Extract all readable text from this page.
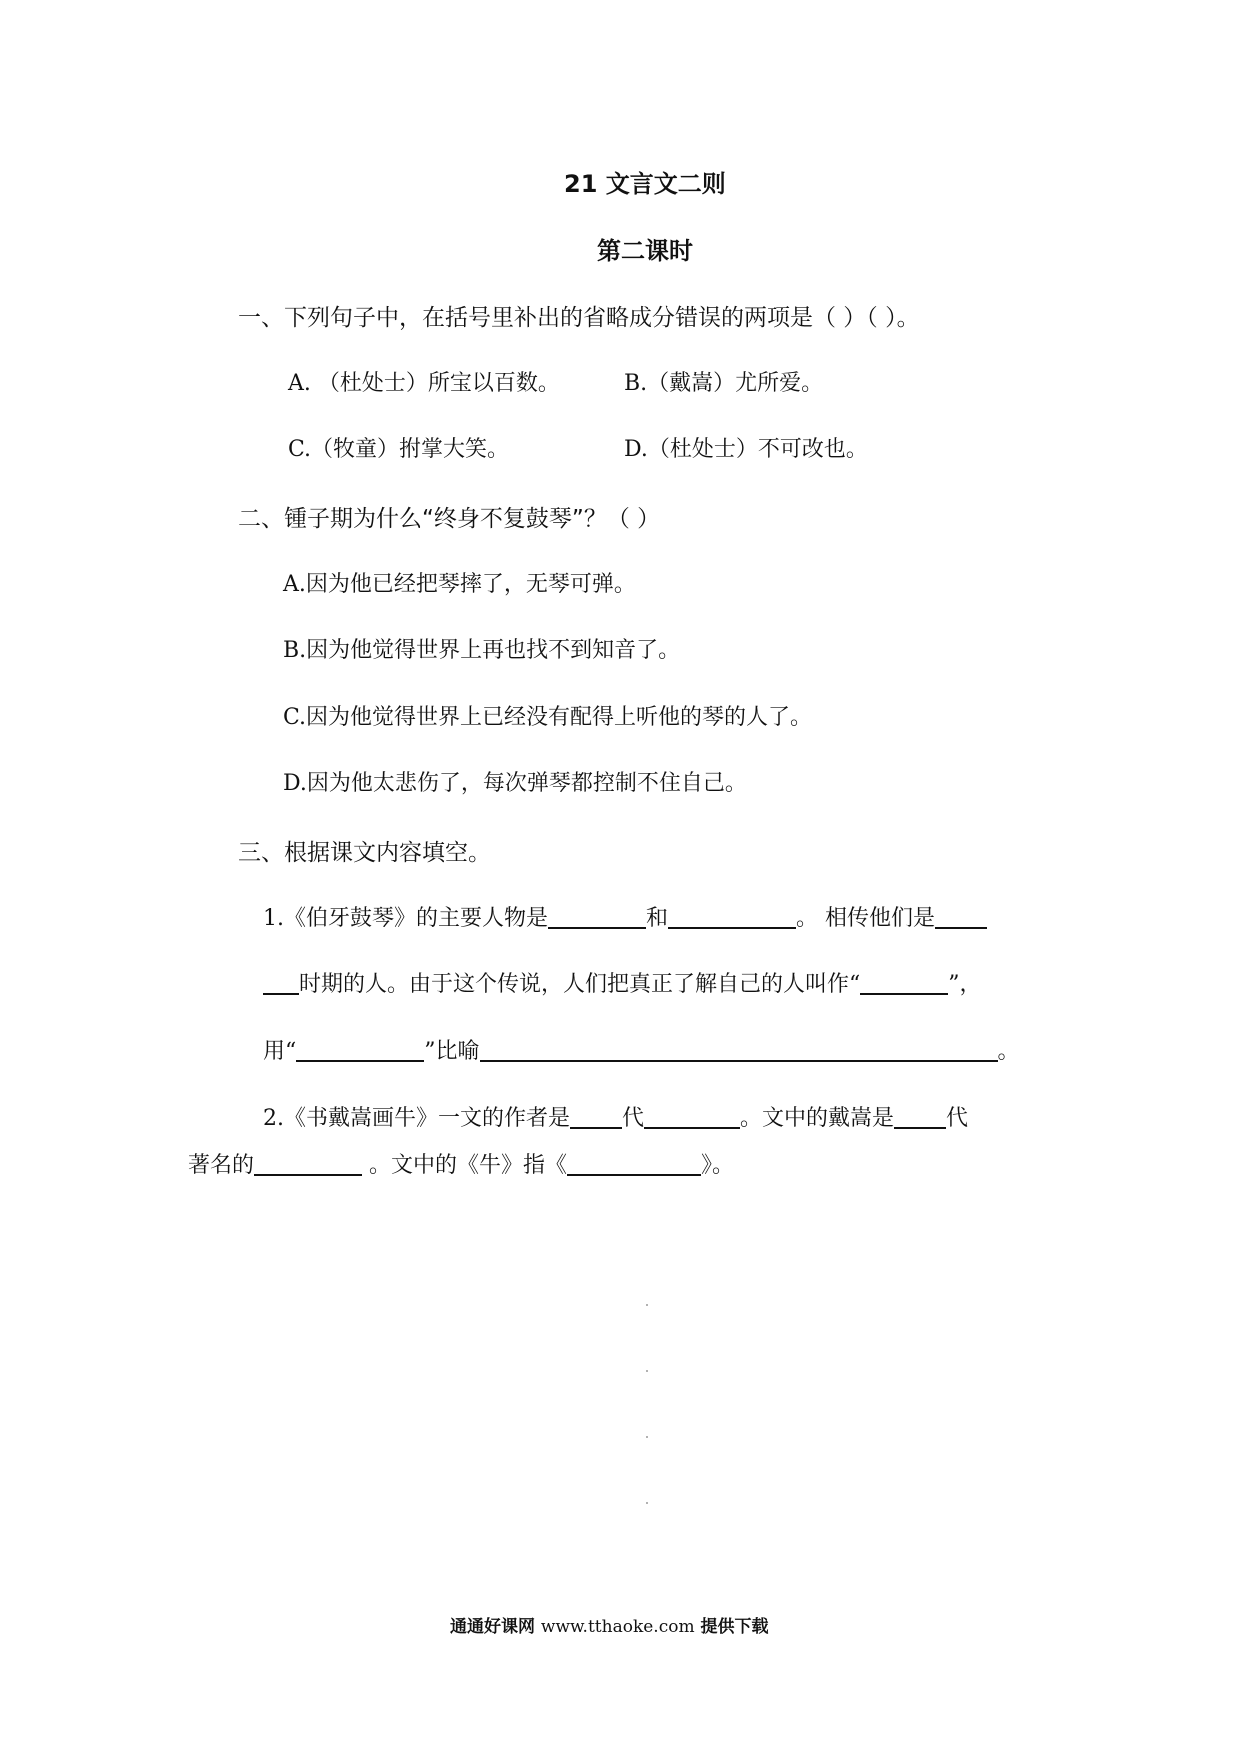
21 文言文二则
第二课时
一、下列句子中，在括号里补出的省略成分错误的两项是（ ）（ ）。
A. （杜处士）所宝以百数。	B.（戴嵩）尤所爱。
C.（牧童）拊掌大笑。	D.（杜处士）不可改也。
二、锺子期为什么“终身不复鼓琴”？（ ）
A.因为他已经把琴摔了，无琴可弹。
B.因为他觉得世界上再也找不到知音了。
C.因为他觉得世界上已经没有配得上听他的琴的人了。
D.因为他太悲伤了，每次弹琴都控制不住自己。
三、根据课文内容填空。
1.《伯牙鼓琴》的主要人物是	和	。 相传他们是
时期的人。由于这个传说，人们把真正了解自己的人叫作“	”，
用“	”比喻	。
2.《书戴嵩画牛》一文的作者是 代	。文中的戴嵩是 代
著名的	。文中的《牛》指《	》。
通通好课网 www.tthaoke.com 提供下载
